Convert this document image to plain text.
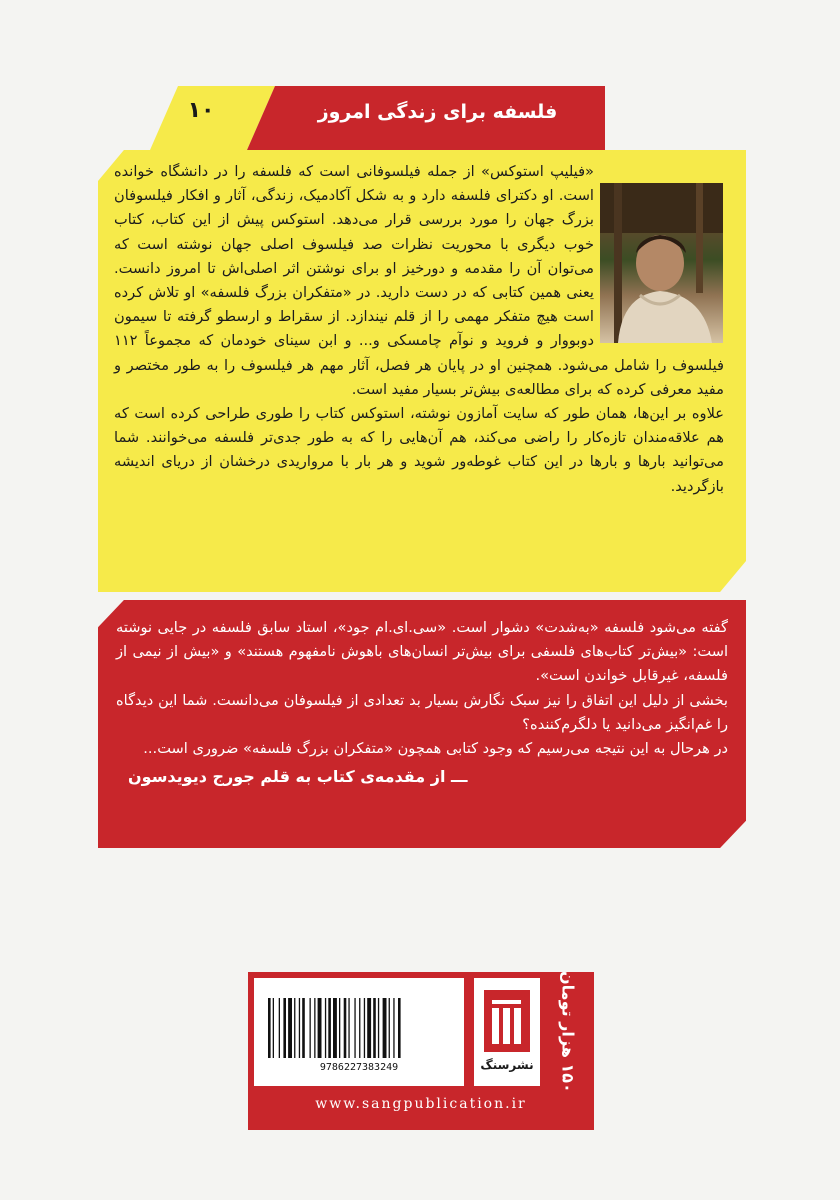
۱۰	فلسفه برای زندگی امروز

«فیلیپ استوکس» از جمله فیلسوفانی است که فلسفه را در دانشگاه خوانده است. او دکترای فلسفه دارد و به شکل آکادمیک، زندگی، آثار و افکار فیلسوفان بزرگ جهان را مورد بررسی قرار می‌دهد. استوکس پیش از این کتاب، کتاب خوب دیگری با محوریت نظرات صد فیلسوف اصلی جهان نوشته است که می‌توان آن را مقدمه و دورخیز او برای نوشتن اثر اصلی‌اش تا امروز دانست. یعنی همین کتابی که در دست دارید. در «متفکران بزرگ فلسفه» او تلاش کرده است هیچ متفکر مهمی را از قلم نیندازد. از سقراط و ارسطو گرفته تا سیمون دوبووار و فروید و نوآم چامسکی و... و ابن سینای خودمان که مجموعاً ۱۱۲ فیلسوف را شامل می‌شود. همچنین او در پایان هر فصل، آثار مهم هر فیلسوف را به طور مختصر و مفید معرفی کرده که برای مطالعه‌ی بیش‌تر بسیار مفید است.

علاوه بر این‌ها، همان طور که سایت آمازون نوشته، استوکس کتاب را طوری طراحی کرده است که هم علاقه‌مندان تازه‌کار را راضی می‌کند، هم آن‌هایی را که به طور جدی‌تر فلسفه می‌خوانند. شما می‌توانید بارها و بارها در این کتاب غوطه‌ور شوید و هر بار با مرواریدی درخشان از دریای اندیشه بازگردید.

گفته می‌شود فلسفه «به‌شدت» دشوار است. «سی.ای.ام جود»، استاد سابق فلسفه در جایی نوشته است: «بیش‌تر کتاب‌های فلسفی برای بیش‌تر انسان‌های باهوش نامفهوم هستند» و «بیش از نیمی از فلسفه، غیرقابل خواندن است».

بخشی از دلیل این اتفاق را نیز سبک نگارش بسیار بد تعدادی از فیلسوفان می‌دانست. شما این دیدگاه را غم‌انگیز می‌دانید یا دلگرم‌کننده؟

در هرحال به این نتیجه می‌رسیم که وجود کتابی همچون «متفکران بزرگ فلسفه» ضروری است...

ـــ از مقدمه‌ی کتاب به قلم جورج دیویدسون
9786227383249	نشرسنگ
۱۵۰ هزار تومان
www.sangpublication.ir
